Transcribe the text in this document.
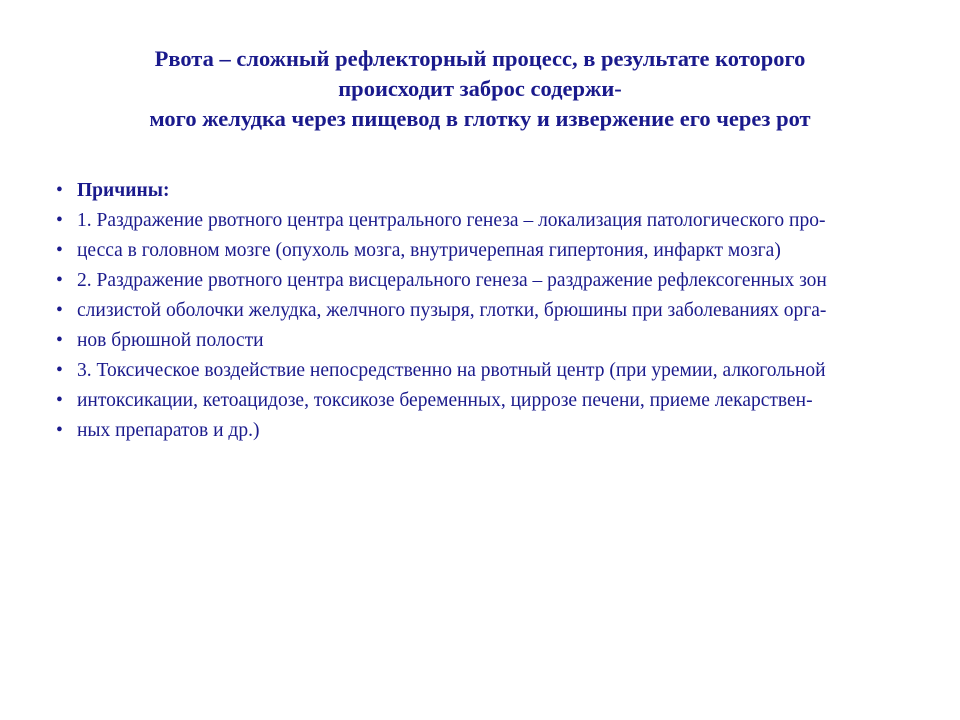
Рвота – сложный рефлекторный процесс, в результате которого
происходит заброс содержи-
мого желудка через пищевод в глотку и извержение его через рот
• Причины:
• 1. Раздражение рвотного центра центрального генеза – локализация патологического про-
• цесса в головном мозге (опухоль мозга, внутричерепная гипертония, инфаркт мозга)
• 2. Раздражение рвотного центра висцерального генеза – раздражение рефлексогенных зон
• слизистой оболочки желудка, желчного пузыря, глотки, брюшины при заболеваниях орга-
• нов брюшной полости
• 3. Токсическое воздействие непосредственно на рвотный центр (при уремии, алкогольной
• интоксикации, кетоацидозе, токсикозе беременных, циррозе печени, приеме лекарствен-
• ных препаратов и др.)
